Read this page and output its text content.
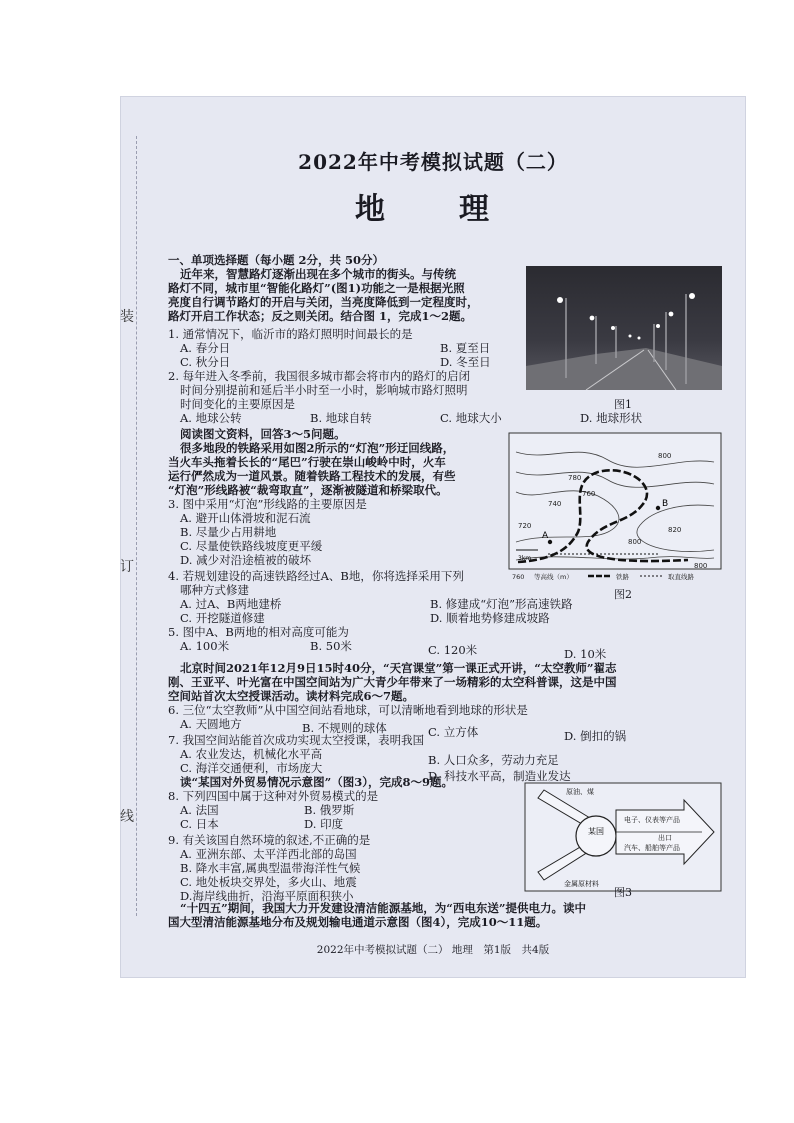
装
订
线
2022年中考模拟试题（二）
地　理
一、单项选择题（每小题 2分，共 50分）
近年来，智慧路灯逐渐出现在多个城市的街头。与传统
路灯不同，城市里“智能化路灯”(图1)功能之一是根据光照
亮度自行调节路灯的开启与关闭，当亮度降低到一定程度时，
路灯开启工作状态；反之则关闭。结合图 1，完成1～2题。
图1
1. 通常情况下，临沂市的路灯照明时间最长的是
A. 春分日	B. 夏至日
C. 秋分日	D. 冬至日
2. 每年进入冬季前，我国很多城市都会将市内的路灯的启闭
时间分别提前和延后半小时至一小时，影响城市路灯照明
时间变化的主要原因是
A. 地球公转	B. 地球自转	C. 地球大小	D. 地球形状
阅读图文资料，回答3～5问题。
很多地段的铁路采用如图2所示的“灯泡”形迂回线路，
当火车头拖着长长的“尾巴”行驶在崇山峻岭中时，火车
运行俨然成为一道风景。随着铁路工程技术的发展，有些
“灯泡”形线路被“裁弯取直”，逐渐被隧道和桥梁取代。
A
B
780
760
740
720
800
820
800
800
3km
760 等高线（m）	铁路	取直线路
图2
3. 图中采用“灯泡”形线路的主要原因是
A. 避开山体滑坡和泥石流
B. 尽量少占用耕地
C. 尽量使铁路线坡度更平缓
D. 减少对沿途植被的破坏
4. 若规划建设的高速铁路经过A、B地，你将选择采用下列
哪种方式修建
A. 过A、B两地建桥	B. 修建成“灯泡”形高速铁路
C. 开挖隧道修建	D. 顺着地势修建成坡路
5. 图中A、B两地的相对高度可能为
A. 100米	B. 50米	C. 120米	D. 10米
北京时间2021年12月9日15时40分，“天宫课堂”第一课正式开讲，“太空教师”翟志
刚、王亚平、叶光富在中国空间站为广大青少年带来了一场精彩的太空科普课，这是中国
空间站首次太空授课活动。读材料完成6～7题。
6. 三位“太空教师”从中国空间站看地球，可以清晰地看到地球的形状是
A. 天圆地方	B. 不规则的球体	C. 立方体	D. 倒扣的锅
7. 我国空间站能首次成功实现太空授课，表明我国
A. 农业发达，机械化水平高	B. 人口众多，劳动力充足
C. 海洋交通便利，市场庞大
D. 科技水平高，制造业发达
读“某国对外贸易情况示意图”（图3），完成8～9题。
8. 下列四国中属于这种对外贸易模式的是
A. 法国	B. 俄罗斯
C. 日本	D. 印度
9. 有关该国自然环境的叙述,不正确的是
A. 亚洲东部、太平洋西北部的岛国
B. 降水丰富,属典型温带海洋性气候
C. 地处板块交界处，多火山、地震
D.海岸线曲折，沿海平原面积狭小
某国
原油、煤
金属原材料
电子、仪表等产品
出口
汽车、船舶等产品
图3
“十四五”期间，我国大力开发建设清洁能源基地，为“西电东送”提供电力。读中
国大型清洁能源基地分布及规划输电通道示意图（图4），完成10～11题。
2022年中考模拟试题（二） 地理　第1版　共4版
